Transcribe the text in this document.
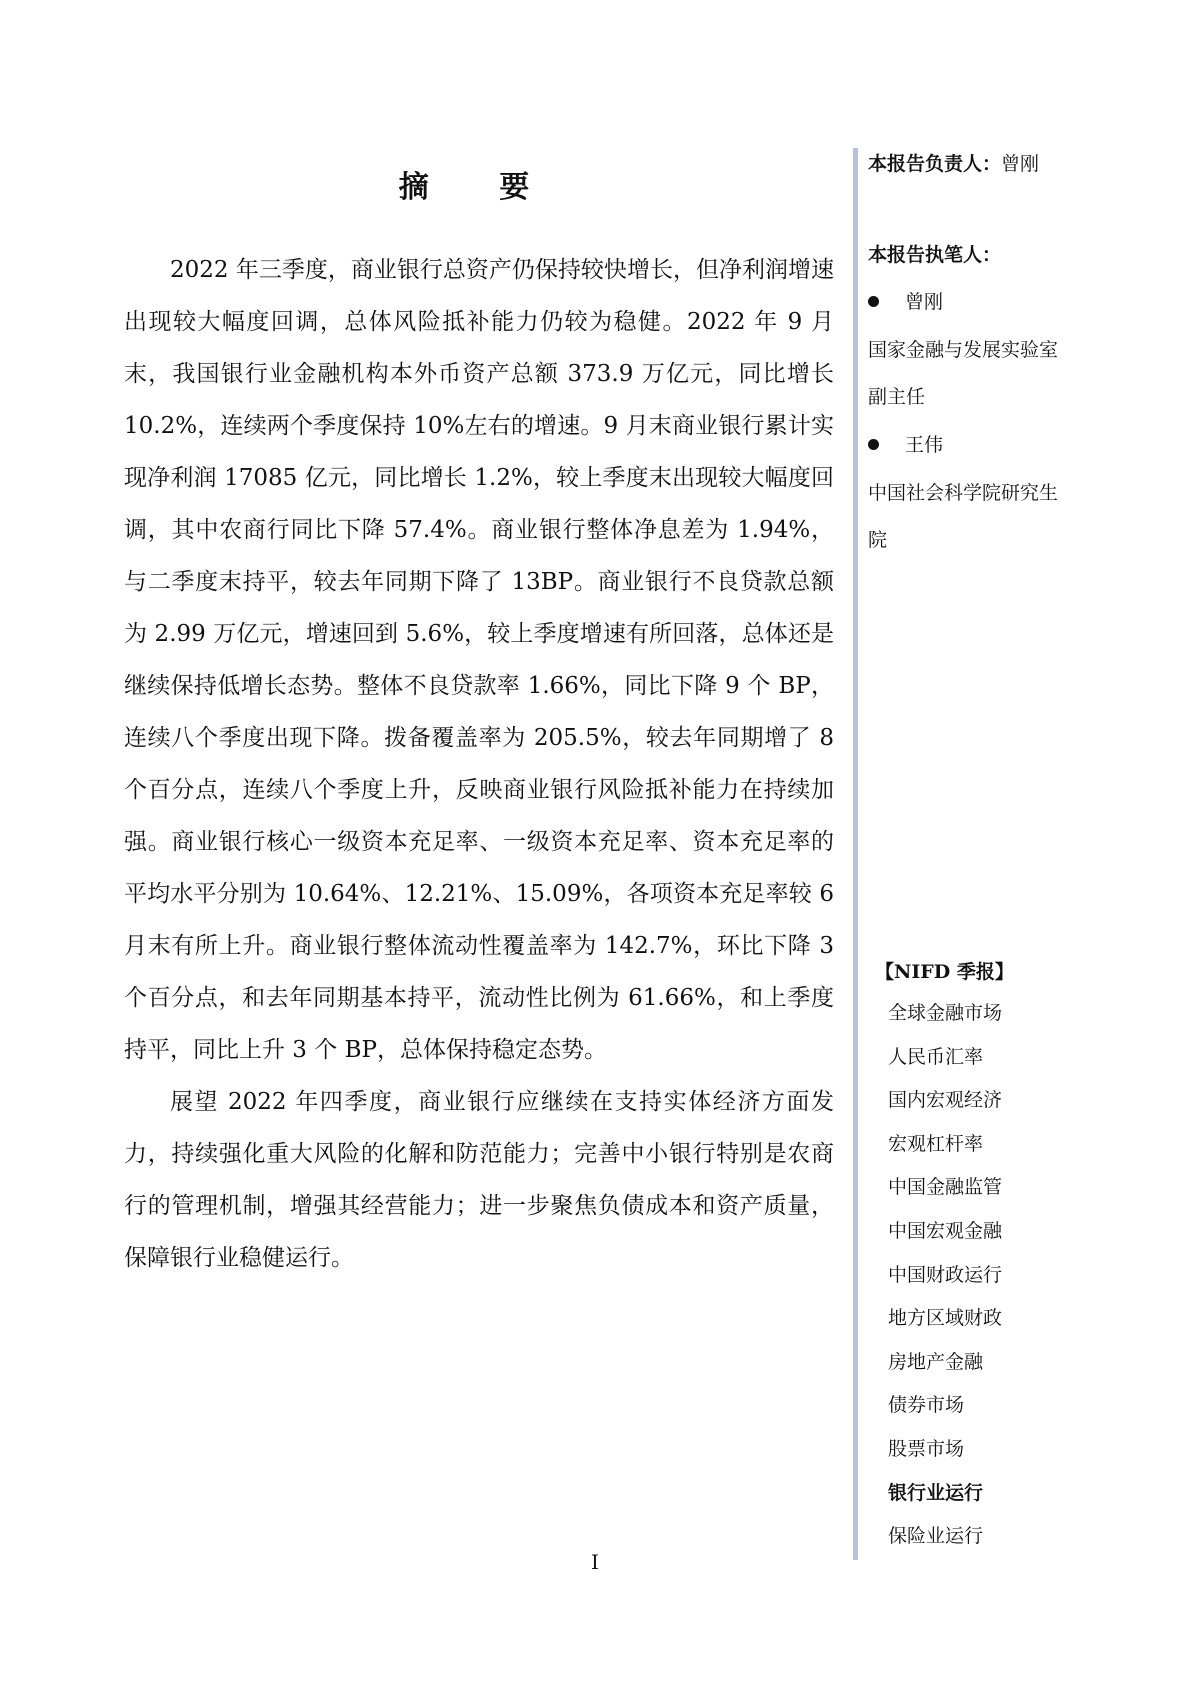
摘 要

2022 年三季度，商业银行总资产仍保持较快增长，但净利润增速出现较大幅度回调，总体风险抵补能力仍较为稳健。2022 年 9 月末，我国银行业金融机构本外币资产总额 373.9 万亿元，同比增长 10.2%，连续两个季度保持 10%左右的增速。9 月末商业银行累计实现净利润 17085 亿元，同比增长 1.2%，较上季度末出现较大幅度回调，其中农商行同比下降 57.4%。商业银行整体净息差为 1.94%，与二季度末持平，较去年同期下降了 13BP。商业银行不良贷款总额为 2.99 万亿元，增速回到 5.6%，较上季度增速有所回落，总体还是继续保持低增长态势。整体不良贷款率 1.66%，同比下降 9 个 BP，连续八个季度出现下降。拨备覆盖率为 205.5%，较去年同期增了 8 个百分点，连续八个季度上升，反映商业银行风险抵补能力在持续加强。商业银行核心一级资本充足率、一级资本充足率、资本充足率的平均水平分别为 10.64%、12.21%、15.09%，各项资本充足率较 6 月末有所上升。商业银行整体流动性覆盖率为 142.7%，环比下降 3 个百分点，和去年同期基本持平，流动性比例为 61.66%，和上季度持平，同比上升 3 个 BP，总体保持稳定态势。

展望 2022 年四季度，商业银行应继续在支持实体经济方面发力，持续强化重大风险的化解和防范能力；完善中小银行特别是农商行的管理机制，增强其经营能力；进一步聚焦负债成本和资产质量，保障银行业稳健运行。

本报告负责人：曾刚
本报告执笔人：
曾刚
国家金融与发展实验室
副主任
王伟
中国社会科学院研究生
院
【NIFD 季报】
全球金融市场
人民币汇率
国内宏观经济
宏观杠杆率
中国金融监管
中国宏观金融
中国财政运行
地方区域财政
房地产金融
债券市场
股票市场
银行业运行
保险业运行
I
